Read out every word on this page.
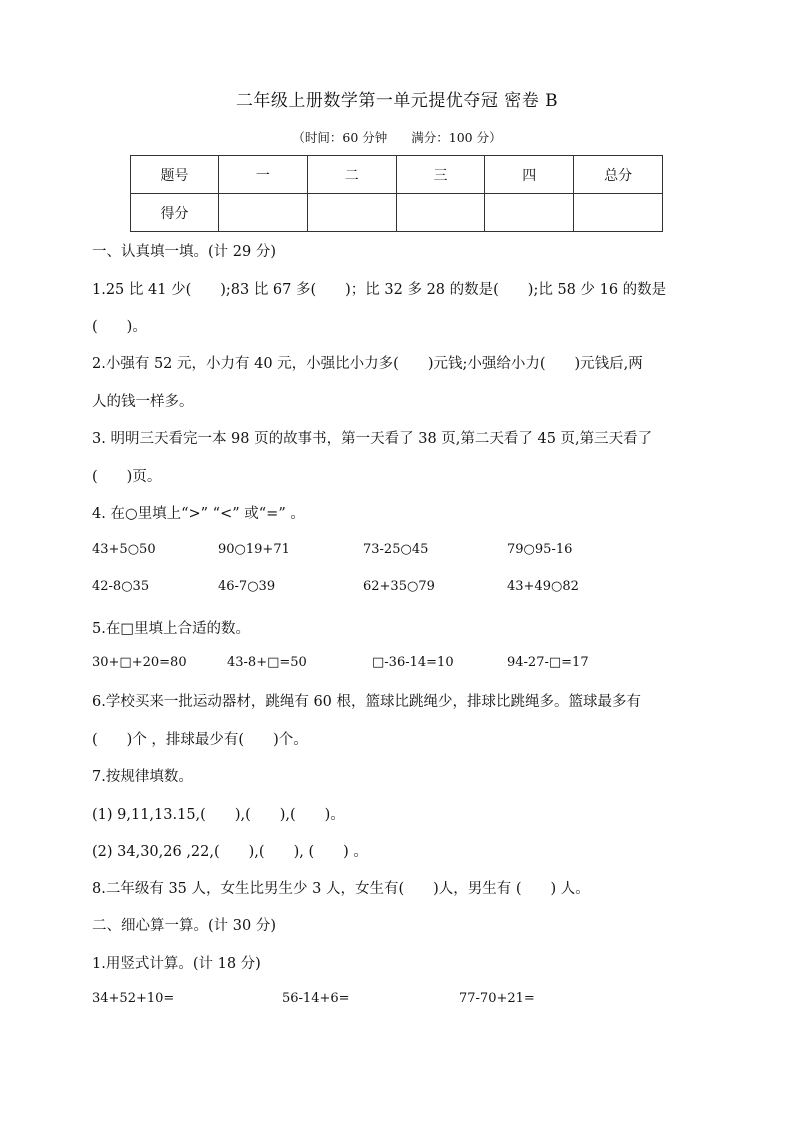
二年级上册数学第一单元提优夺冠 密卷 B
（时间：60 分钟 满分：100 分）
题号	一	二	三	四	总分
得分					
一、认真填一填。(计 29 分)
1.25 比 41 少(　　);83 比 67 多(　　)；比 32 多 28 的数是(　　);比 58 少 16 的数是
(　　)。
2.小强有 52 元，小力有 40 元，小强比小力多(　　)元钱;小强给小力(　　)元钱后,两
人的钱一样多。
3. 明明三天看完一本 98 页的故事书，第一天看了 38 页,第二天看了 45 页,第三天看了
(　　)页。
4. 在○里填上“>” “<” 或“=” 。
43+5○50	90○19+71	73-25○45	79○95-16
42-8○35	46-7○39	62+35○79	43+49○82
5.在□里填上合适的数。
30+□+20=80	43-8+□=50	□-36-14=10	94-27-□=17
6.学校买来一批运动器材，跳绳有 60 根，篮球比跳绳少，排球比跳绳多。篮球最多有
(　　)个 ，排球最少有(　　)个。
7.按规律填数。
(1) 9,11,13.15,(　　),(　　),(　　)。
(2) 34,30,26 ,22,(　　),(　　), (　　) 。
8.二年级有 35 人，女生比男生少 3 人，女生有(　　)人，男生有 (　　) 人。
二、细心算一算。(计 30 分)
1.用竖式计算。(计 18 分)
34+52+10=	56-14+6=	77-70+21=
